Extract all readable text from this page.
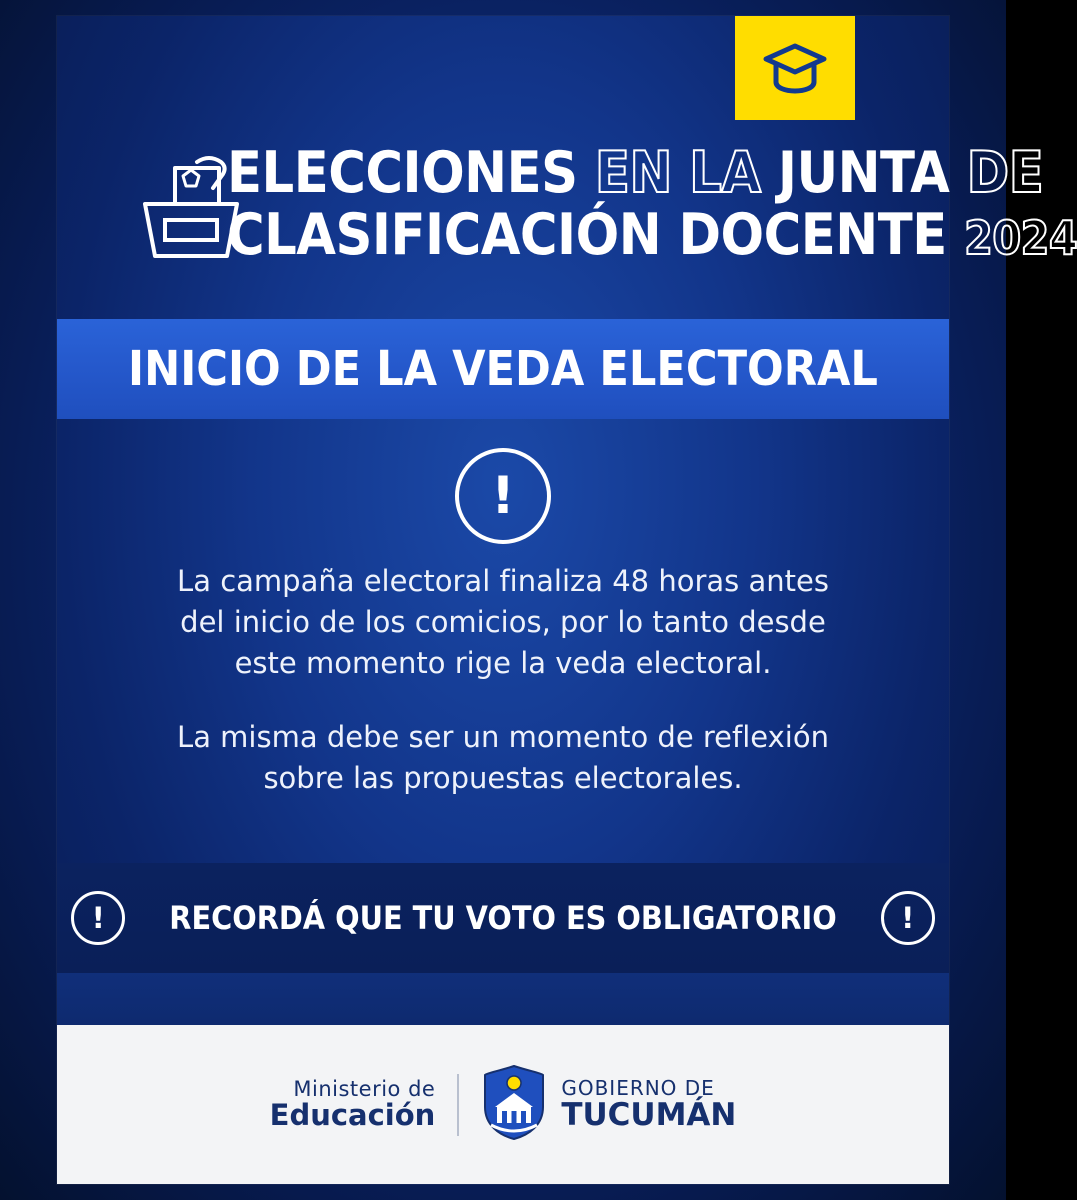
ELECCIONES EN LA JUNTA DE
CLASIFICACIÓN DOCENTE 2024
INICIO DE LA VEDA ELECTORAL
!

La campaña electoral finaliza 48 horas antes del inicio de los comicios, por lo tanto desde este momento rige la veda electoral.

La misma debe ser un momento de reflexión sobre las propuestas electorales.

!	RECORDÁ QUE TU VOTO ES OBLIGATORIO	!
Ministerio de
Educación
GOBIERNO DE
TUCUMÁN
